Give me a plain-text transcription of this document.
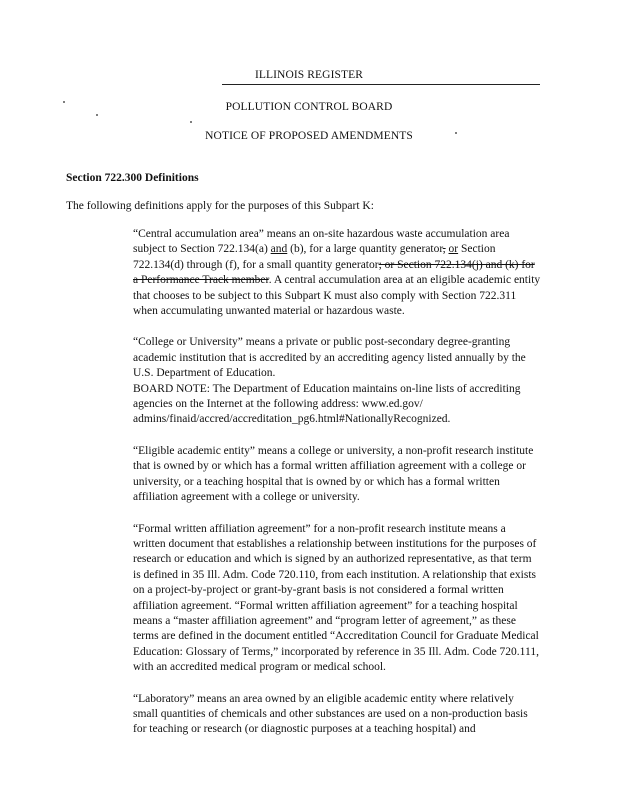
ILLINOIS REGISTER
POLLUTION CONTROL BOARD
NOTICE OF PROPOSED AMENDMENTS
Section 722.300 Definitions
The following definitions apply for the purposes of this Subpart K:

“Central accumulation area” means an on-site hazardous waste accumulation area subject to Section 722.134(a) and (b), for a large quantity generator, or Section 722.134(d) through (f), for a small quantity generator; or Section 722.134(j) and (k) for a Performance Track member. A central accumulation area at an eligible academic entity that chooses to be subject to this Subpart K must also comply with Section 722.311 when accumulating unwanted material or hazardous waste.

“College or University” means a private or public post-secondary degree-granting academic institution that is accredited by an accrediting agency listed annually by the U.S. Department of Education.
BOARD NOTE: The Department of Education maintains on-line lists of accrediting agencies on the Internet at the following address: www.ed.gov/ admins/finaid/accred/accreditation_pg6.html#NationallyRecognized.

“Eligible academic entity” means a college or university, a non-profit research institute that is owned by or which has a formal written affiliation agreement with a college or university, or a teaching hospital that is owned by or which has a formal written affiliation agreement with a college or university.

“Formal written affiliation agreement” for a non-profit research institute means a written document that establishes a relationship between institutions for the purposes of research or education and which is signed by an authorized representative, as that term is defined in 35 Ill. Adm. Code 720.110, from each institution. A relationship that exists on a project-by-project or grant-by-grant basis is not considered a formal written affiliation agreement. “Formal written affiliation agreement” for a teaching hospital means a “master affiliation agreement” and “program letter of agreement,” as these terms are defined in the document entitled “Accreditation Council for Graduate Medical Education: Glossary of Terms,” incorporated by reference in 35 Ill. Adm. Code 720.111, with an accredited medical program or medical school.

“Laboratory” means an area owned by an eligible academic entity where relatively small quantities of chemicals and other substances are used on a non-production basis for teaching or research (or diagnostic purposes at a teaching hospital) and
